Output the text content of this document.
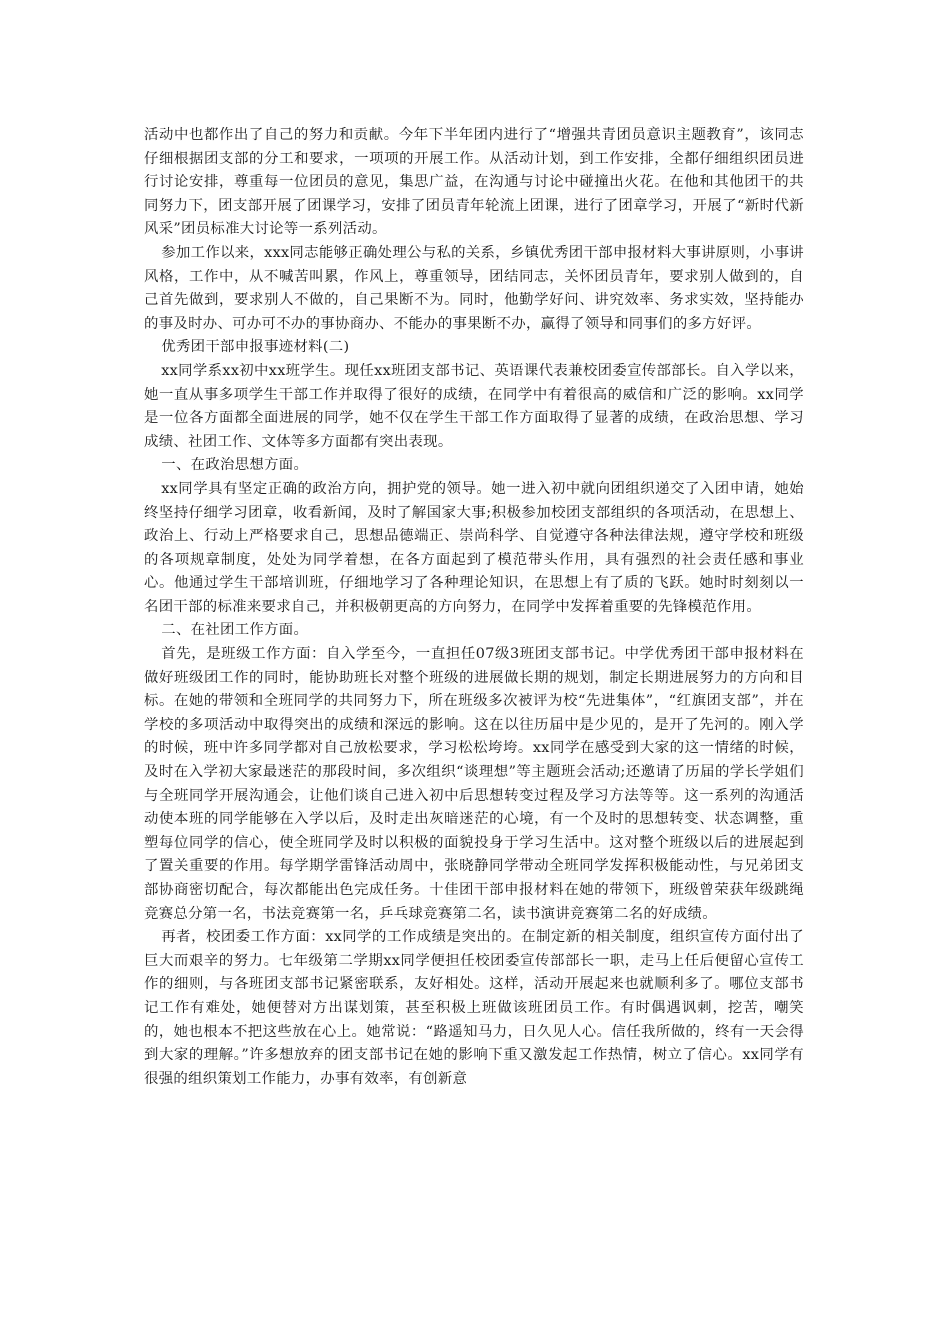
活动中也都作出了自己的努力和贡献。今年下半年团内进行了“增强共青团员意识主题教育”，该同志仔细根据团支部的分工和要求，一项项的开展工作。从活动计划，到工作安排，全都仔细组织团员进行讨论安排，尊重每一位团员的意见，集思广益，在沟通与讨论中碰撞出火花。在他和其他团干的共同努力下，团支部开展了团课学习，安排了团员青年轮流上团课，进行了团章学习，开展了“新时代新风采”团员标准大讨论等一系列活动。

参加工作以来，xxx同志能够正确处理公与私的关系，乡镇优秀团干部申报材料大事讲原则，小事讲风格，工作中，从不喊苦叫累，作风上，尊重领导，团结同志，关怀团员青年，要求别人做到的，自己首先做到，要求别人不做的，自己果断不为。同时，他勤学好问、讲究效率、务求实效，坚持能办的事及时办、可办可不办的事协商办、不能办的事果断不办，赢得了领导和同事们的多方好评。

优秀团干部申报事迹材料(二)

xx同学系xx初中xx班学生。现任xx班团支部书记、英语课代表兼校团委宣传部部长。自入学以来，她一直从事多项学生干部工作并取得了很好的成绩，在同学中有着很高的威信和广泛的影响。xx同学是一位各方面都全面进展的同学，她不仅在学生干部工作方面取得了显著的成绩，在政治思想、学习成绩、社团工作、文体等多方面都有突出表现。

一、在政治思想方面。

xx同学具有坚定正确的政治方向，拥护党的领导。她一进入初中就向团组织递交了入团申请，她始终坚持仔细学习团章，收看新闻，及时了解国家大事;积极参加校团支部组织的各项活动，在思想上、政治上、行动上严格要求自己，思想品德端正、崇尚科学、自觉遵守各种法律法规，遵守学校和班级的各项规章制度，处处为同学着想，在各方面起到了模范带头作用，具有强烈的社会责任感和事业心。他通过学生干部培训班，仔细地学习了各种理论知识，在思想上有了质的飞跃。她时时刻刻以一名团干部的标准来要求自己，并积极朝更高的方向努力，在同学中发挥着重要的先锋模范作用。

二、在社团工作方面。

首先，是班级工作方面：自入学至今，一直担任07级3班团支部书记。中学优秀团干部申报材料在做好班级团工作的同时，能协助班长对整个班级的进展做长期的规划，制定长期进展努力的方向和目标。在她的带领和全班同学的共同努力下，所在班级多次被评为校“先进集体”，“红旗团支部”，并在学校的多项活动中取得突出的成绩和深远的影响。这在以往历届中是少见的，是开了先河的。刚入学的时候，班中许多同学都对自己放松要求，学习松松垮垮。xx同学在感受到大家的这一情绪的时候，及时在入学初大家最迷茫的那段时间，多次组织“谈理想”等主题班会活动;还邀请了历届的学长学姐们与全班同学开展沟通会，让他们谈自己进入初中后思想转变过程及学习方法等等。这一系列的沟通活动使本班的同学能够在入学以后，及时走出灰暗迷茫的心境，有一个及时的思想转变、状态调整，重塑每位同学的信心，使全班同学及时以积极的面貌投身于学习生活中。这对整个班级以后的进展起到了置关重要的作用。每学期学雷锋活动周中，张晓静同学带动全班同学发挥积极能动性，与兄弟团支部协商密切配合，每次都能出色完成任务。十佳团干部申报材料在她的带领下，班级曾荣获年级跳绳竞赛总分第一名，书法竞赛第一名，乒乓球竞赛第二名，读书演讲竞赛第二名的好成绩。

再者，校团委工作方面：xx同学的工作成绩是突出的。在制定新的相关制度，组织宣传方面付出了巨大而艰辛的努力。七年级第二学期xx同学便担任校团委宣传部部长一职，走马上任后便留心宣传工作的细则，与各班团支部书记紧密联系，友好相处。这样，活动开展起来也就顺利多了。哪位支部书记工作有难处，她便替对方出谋划策，甚至积极上班做该班团员工作。有时偶遇讽刺，挖苦，嘲笑的，她也根本不把这些放在心上。她常说：“路遥知马力，日久见人心。信任我所做的，终有一天会得到大家的理解。”许多想放弃的团支部书记在她的影响下重又激发起工作热情，树立了信心。xx同学有很强的组织策划工作能力，办事有效率，有创新意
